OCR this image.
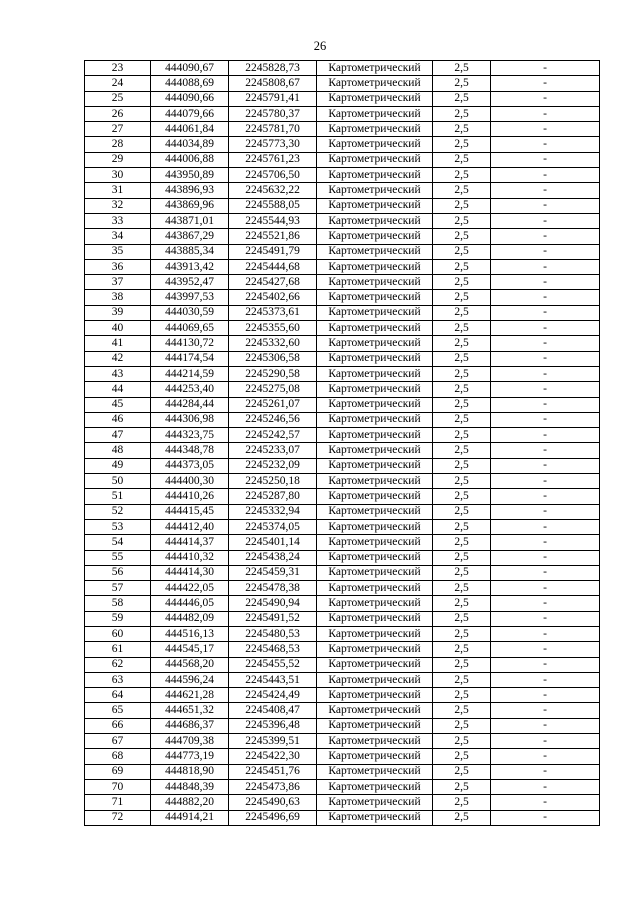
26
23	444090,67	2245828,73	Картометрический	2,5	-
24	444088,69	2245808,67	Картометрический	2,5	-
25	444090,66	2245791,41	Картометрический	2,5	-
26	444079,66	2245780,37	Картометрический	2,5	-
27	444061,84	2245781,70	Картометрический	2,5	-
28	444034,89	2245773,30	Картометрический	2,5	-
29	444006,88	2245761,23	Картометрический	2,5	-
30	443950,89	2245706,50	Картометрический	2,5	-
31	443896,93	2245632,22	Картометрический	2,5	-
32	443869,96	2245588,05	Картометрический	2,5	-
33	443871,01	2245544,93	Картометрический	2,5	-
34	443867,29	2245521,86	Картометрический	2,5	-
35	443885,34	2245491,79	Картометрический	2,5	-
36	443913,42	2245444,68	Картометрический	2,5	-
37	443952,47	2245427,68	Картометрический	2,5	-
38	443997,53	2245402,66	Картометрический	2,5	-
39	444030,59	2245373,61	Картометрический	2,5	-
40	444069,65	2245355,60	Картометрический	2,5	-
41	444130,72	2245332,60	Картометрический	2,5	-
42	444174,54	2245306,58	Картометрический	2,5	-
43	444214,59	2245290,58	Картометрический	2,5	-
44	444253,40	2245275,08	Картометрический	2,5	-
45	444284,44	2245261,07	Картометрический	2,5	-
46	444306,98	2245246,56	Картометрический	2,5	-
47	444323,75	2245242,57	Картометрический	2,5	-
48	444348,78	2245233,07	Картометрический	2,5	-
49	444373,05	2245232,09	Картометрический	2,5	-
50	444400,30	2245250,18	Картометрический	2,5	-
51	444410,26	2245287,80	Картометрический	2,5	-
52	444415,45	2245332,94	Картометрический	2,5	-
53	444412,40	2245374,05	Картометрический	2,5	-
54	444414,37	2245401,14	Картометрический	2,5	-
55	444410,32	2245438,24	Картометрический	2,5	-
56	444414,30	2245459,31	Картометрический	2,5	-
57	444422,05	2245478,38	Картометрический	2,5	-
58	444446,05	2245490,94	Картометрический	2,5	-
59	444482,09	2245491,52	Картометрический	2,5	-
60	444516,13	2245480,53	Картометрический	2,5	-
61	444545,17	2245468,53	Картометрический	2,5	-
62	444568,20	2245455,52	Картометрический	2,5	-
63	444596,24	2245443,51	Картометрический	2,5	-
64	444621,28	2245424,49	Картометрический	2,5	-
65	444651,32	2245408,47	Картометрический	2,5	-
66	444686,37	2245396,48	Картометрический	2,5	-
67	444709,38	2245399,51	Картометрический	2,5	-
68	444773,19	2245422,30	Картометрический	2,5	-
69	444818,90	2245451,76	Картометрический	2,5	-
70	444848,39	2245473,86	Картометрический	2,5	-
71	444882,20	2245490,63	Картометрический	2,5	-
72	444914,21	2245496,69	Картометрический	2,5	-
